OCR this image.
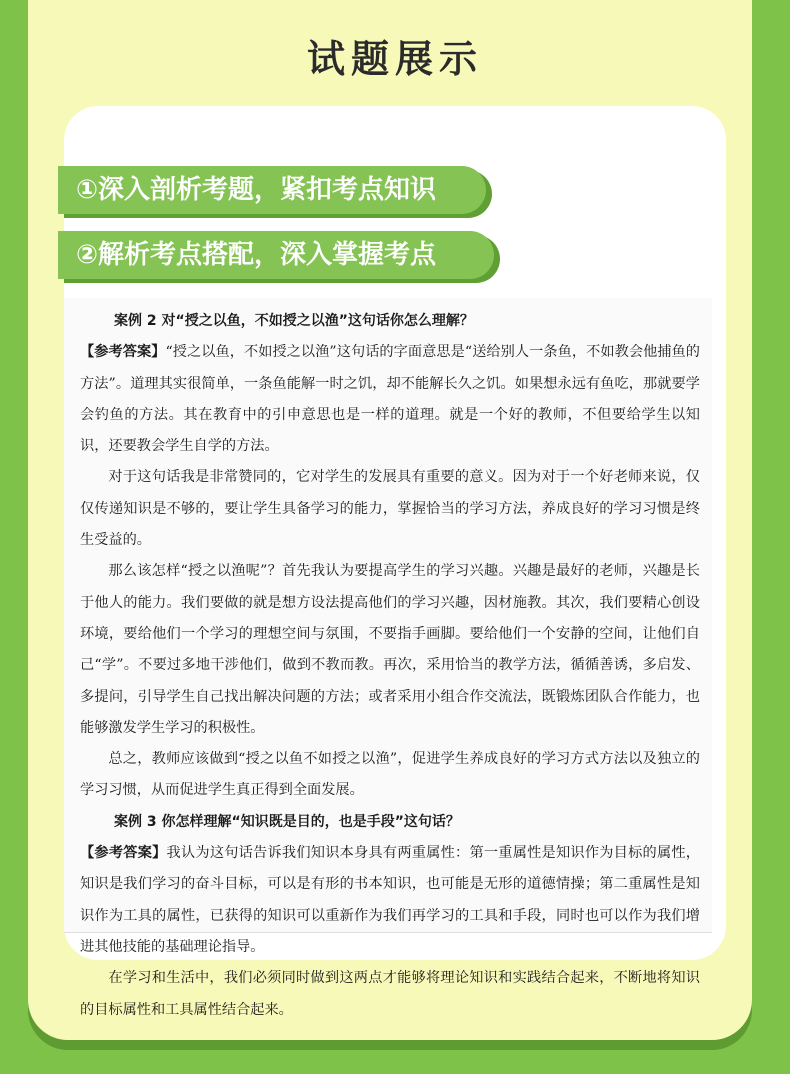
试题展示
①深入剖析考题，紧扣考点知识
②解析考点搭配，深入掌握考点

案例 2 对“授之以鱼，不如授之以渔”这句话你怎么理解？

【参考答案】“授之以鱼，不如授之以渔”这句话的字面意思是“送给别人一条鱼，不如教会他捕鱼的方法”。道理其实很简单，一条鱼能解一时之饥，却不能解长久之饥。如果想永远有鱼吃，那就要学会钓鱼的方法。其在教育中的引申意思也是一样的道理。就是一个好的教师，不但要给学生以知识，还要教会学生自学的方法。

对于这句话我是非常赞同的，它对学生的发展具有重要的意义。因为对于一个好老师来说，仅仅传递知识是不够的，要让学生具备学习的能力，掌握恰当的学习方法，养成良好的学习习惯是终生受益的。

那么该怎样“授之以渔呢”？首先我认为要提高学生的学习兴趣。兴趣是最好的老师，兴趣是长于他人的能力。我们要做的就是想方设法提高他们的学习兴趣，因材施教。其次，我们要精心创设环境，要给他们一个学习的理想空间与氛围，不要指手画脚。要给他们一个安静的空间，让他们自己“学”。不要过多地干涉他们，做到不教而教。再次，采用恰当的教学方法，循循善诱，多启发、多提问，引导学生自己找出解决问题的方法；或者采用小组合作交流法，既锻炼团队合作能力，也能够激发学生学习的积极性。

总之，教师应该做到“授之以鱼不如授之以渔”，促进学生养成良好的学习方式方法以及独立的学习习惯，从而促进学生真正得到全面发展。

案例 3 你怎样理解“知识既是目的，也是手段”这句话？

【参考答案】我认为这句话告诉我们知识本身具有两重属性：第一重属性是知识作为目标的属性，知识是我们学习的奋斗目标，可以是有形的书本知识，也可能是无形的道德情操；第二重属性是知识作为工具的属性，已获得的知识可以重新作为我们再学习的工具和手段，同时也可以作为我们增进其他技能的基础理论指导。

在学习和生活中，我们必须同时做到这两点才能够将理论知识和实践结合起来，不断地将知识的目标属性和工具属性结合起来。
